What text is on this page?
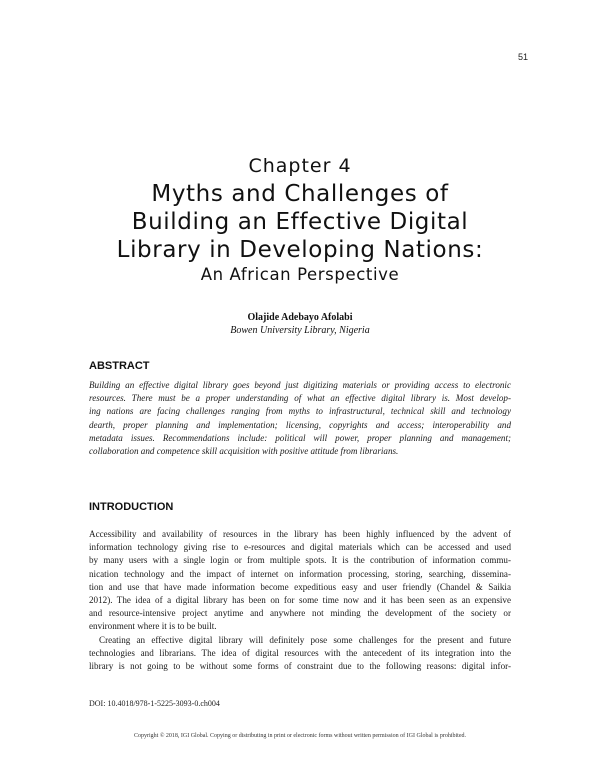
51
Chapter 4
Myths and Challenges of
Building an Effective Digital
Library in Developing Nations:
An African Perspective
Olajide Adebayo Afolabi
Bowen University Library, Nigeria
ABSTRACT
Building an effective digital library goes beyond just digitizing materials or providing access to electronic
resources. There must be a proper understanding of what an effective digital library is. Most develop-
ing nations are facing challenges ranging from myths to infrastructural, technical skill and technology
dearth, proper planning and implementation; licensing, copyrights and access; interoperability and
metadata issues. Recommendations include: political will power, proper planning and management;
collaboration and competence skill acquisition with positive attitude from librarians.
INTRODUCTION
Accessibility and availability of resources in the library has been highly influenced by the advent of
information technology giving rise to e-resources and digital materials which can be accessed and used
by many users with a single login or from multiple spots. It is the contribution of information commu-
nication technology and the impact of internet on information processing, storing, searching, dissemina-
tion and use that have made information become expeditious easy and user friendly (Chandel & Saikia
2012). The idea of a digital library has been on for some time now and it has been seen as an expensive
and resource-intensive project anytime and anywhere not minding the development of the society or
environment where it is to be built.
Creating an effective digital library will definitely pose some challenges for the present and future
technologies and librarians. The idea of digital resources with the antecedent of its integration into the
library is not going to be without some forms of constraint due to the following reasons: digital infor-
DOI: 10.4018/978-1-5225-3093-0.ch004
Copyright © 2018, IGI Global. Copying or distributing in print or electronic forms without written permission of IGI Global is prohibited.
